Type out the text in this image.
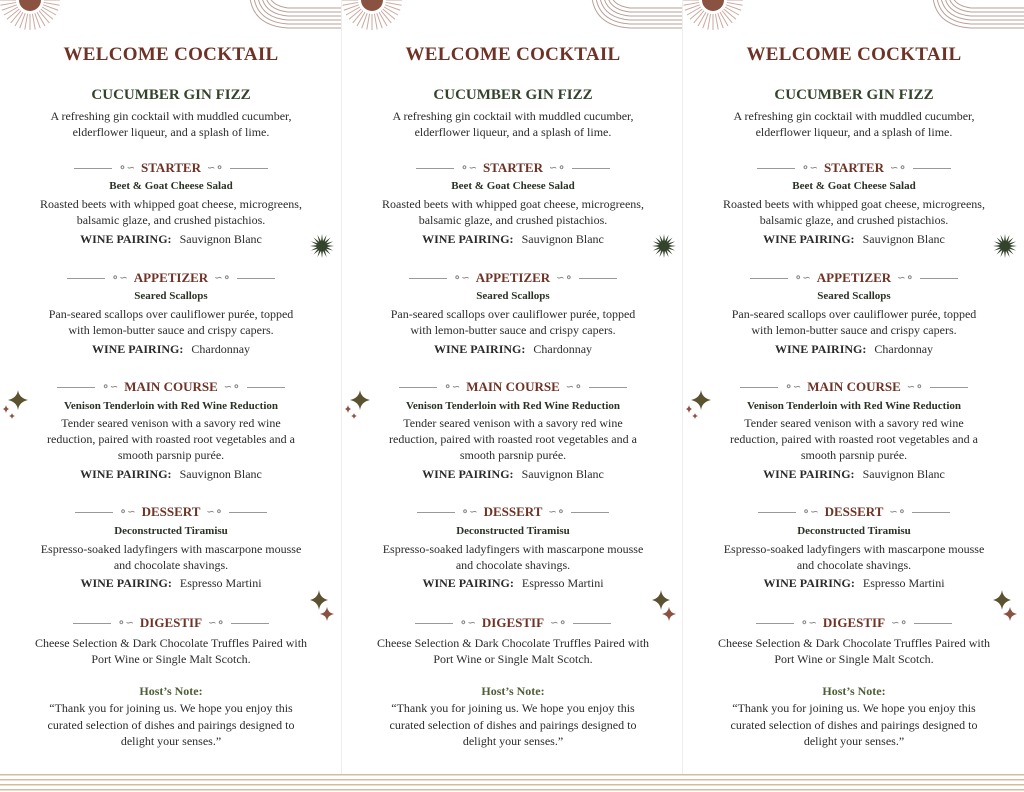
WELCOME COCKTAIL
CUCUMBER GIN FIZZ
A refreshing gin cocktail with muddled cucumber,
elderflower liqueur, and a splash of lime.
⚬∽ STARTER ∽⚬
Beet & Goat Cheese Salad
Roasted beets with whipped goat cheese, microgreens,
balsamic glaze, and crushed pistachios.
WINE PAIRING: Sauvignon Blanc
⚬∽ APPETIZER ∽⚬
Seared Scallops
Pan-seared scallops over cauliflower purée, topped
with lemon-butter sauce and crispy capers.
WINE PAIRING: Chardonnay
⚬∽ MAIN COURSE ∽⚬
Venison Tenderloin with Red Wine Reduction
Tender seared venison with a savory red wine
reduction, paired with roasted root vegetables and a
smooth parsnip purée.
WINE PAIRING: Sauvignon Blanc
⚬∽ DESSERT ∽⚬
Deconstructed Tiramisu
Espresso-soaked ladyfingers with mascarpone mousse
and chocolate shavings.
WINE PAIRING: Espresso Martini
⚬∽ DIGESTIF ∽⚬
Cheese Selection & Dark Chocolate Truffles Paired with
Port Wine or Single Malt Scotch.
Host’s Note:
“Thank you for joining us. We hope you enjoy this
curated selection of dishes and pairings designed to
delight your senses.”
WELCOME COCKTAIL
CUCUMBER GIN FIZZ
A refreshing gin cocktail with muddled cucumber,
elderflower liqueur, and a splash of lime.
⚬∽ STARTER ∽⚬
Beet & Goat Cheese Salad
Roasted beets with whipped goat cheese, microgreens,
balsamic glaze, and crushed pistachios.
WINE PAIRING: Sauvignon Blanc
⚬∽ APPETIZER ∽⚬
Seared Scallops
Pan-seared scallops over cauliflower purée, topped
with lemon-butter sauce and crispy capers.
WINE PAIRING: Chardonnay
⚬∽ MAIN COURSE ∽⚬
Venison Tenderloin with Red Wine Reduction
Tender seared venison with a savory red wine
reduction, paired with roasted root vegetables and a
smooth parsnip purée.
WINE PAIRING: Sauvignon Blanc
⚬∽ DESSERT ∽⚬
Deconstructed Tiramisu
Espresso-soaked ladyfingers with mascarpone mousse
and chocolate shavings.
WINE PAIRING: Espresso Martini
⚬∽ DIGESTIF ∽⚬
Cheese Selection & Dark Chocolate Truffles Paired with
Port Wine or Single Malt Scotch.
Host’s Note:
“Thank you for joining us. We hope you enjoy this
curated selection of dishes and pairings designed to
delight your senses.”
WELCOME COCKTAIL
CUCUMBER GIN FIZZ
A refreshing gin cocktail with muddled cucumber,
elderflower liqueur, and a splash of lime.
⚬∽ STARTER ∽⚬
Beet & Goat Cheese Salad
Roasted beets with whipped goat cheese, microgreens,
balsamic glaze, and crushed pistachios.
WINE PAIRING: Sauvignon Blanc
⚬∽ APPETIZER ∽⚬
Seared Scallops
Pan-seared scallops over cauliflower purée, topped
with lemon-butter sauce and crispy capers.
WINE PAIRING: Chardonnay
⚬∽ MAIN COURSE ∽⚬
Venison Tenderloin with Red Wine Reduction
Tender seared venison with a savory red wine
reduction, paired with roasted root vegetables and a
smooth parsnip purée.
WINE PAIRING: Sauvignon Blanc
⚬∽ DESSERT ∽⚬
Deconstructed Tiramisu
Espresso-soaked ladyfingers with mascarpone mousse
and chocolate shavings.
WINE PAIRING: Espresso Martini
⚬∽ DIGESTIF ∽⚬
Cheese Selection & Dark Chocolate Truffles Paired with
Port Wine or Single Malt Scotch.
Host’s Note:
“Thank you for joining us. We hope you enjoy this
curated selection of dishes and pairings designed to
delight your senses.”
